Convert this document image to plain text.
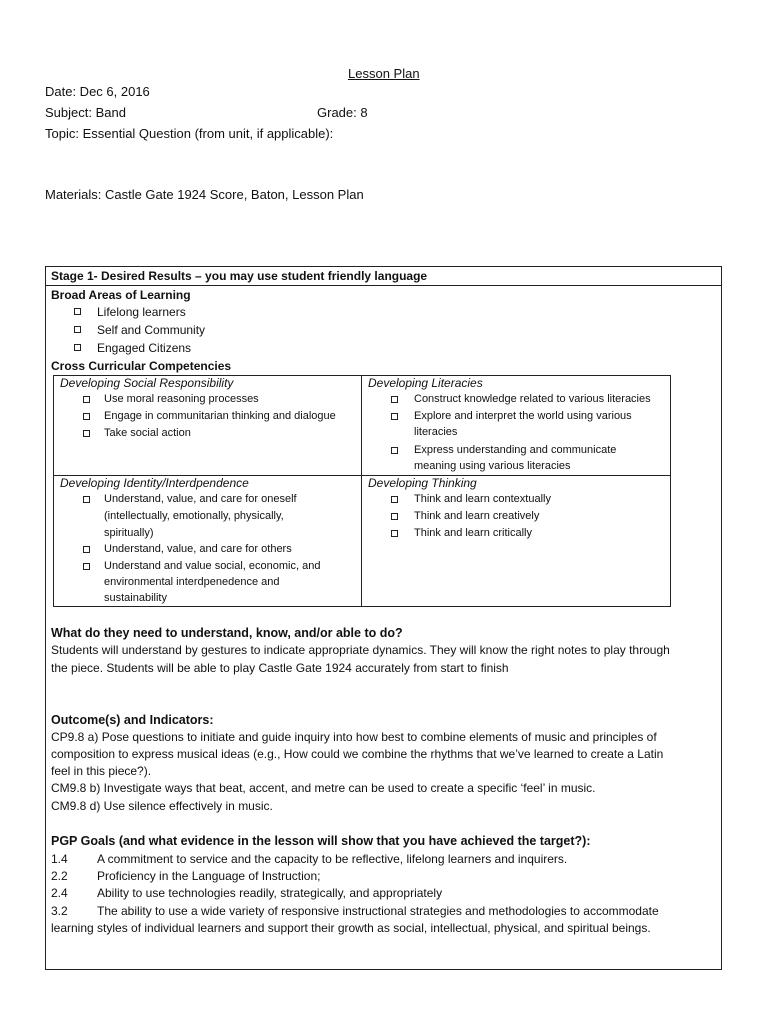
Lesson Plan
Date: Dec 6, 2016
Subject: Band	Grade: 8
Topic: Essential Question (from unit, if applicable):
Materials: Castle Gate 1924 Score, Baton, Lesson Plan
Stage 1- Desired Results – you may use student friendly language
Broad Areas of Learning
Lifelong learners
Self and Community
Engaged Citizens
Cross Curricular Competencies
Developing Social Responsibility
Use moral reasoning processes
Engage in communitarian thinking and dialogue
Take social action
Developing Literacies
Construct knowledge related to various literacies
Explore and interpret the world using various
literacies
Express understanding and communicate
meaning using various literacies
Developing Identity/Interdpendence
Understand, value, and care for oneself
(intellectually, emotionally, physically,
spiritually)
Understand, value, and care for others
Understand and value social, economic, and
environmental interdpenedence and
sustainability
Developing Thinking
Think and learn contextually
Think and learn creatively
Think and learn critically
What do they need to understand, know, and/or able to do?
Students will understand by gestures to indicate appropriate dynamics. They will know the right notes to play through
the piece. Students will be able to play Castle Gate 1924 accurately from start to finish
Outcome(s) and Indicators:
CP9.8 a) Pose questions to initiate and guide inquiry into how best to combine elements of music and principles of
composition to express musical ideas (e.g., How could we combine the rhythms that we’ve learned to create a Latin
feel in this piece?).
CM9.8 b) Investigate ways that beat, accent, and metre can be used to create a specific ‘feel’ in music.
CM9.8 d) Use silence effectively in music.
PGP Goals (and what evidence in the lesson will show that you have achieved the target?):
1.4 A commitment to service and the capacity to be reflective, lifelong learners and inquirers.
2.2 Proficiency in the Language of Instruction;
2.4 Ability to use technologies readily, strategically, and appropriately
3.2 The ability to use a wide variety of responsive instructional strategies and methodologies to accommodate
learning styles of individual learners and support their growth as social, intellectual, physical, and spiritual beings.
